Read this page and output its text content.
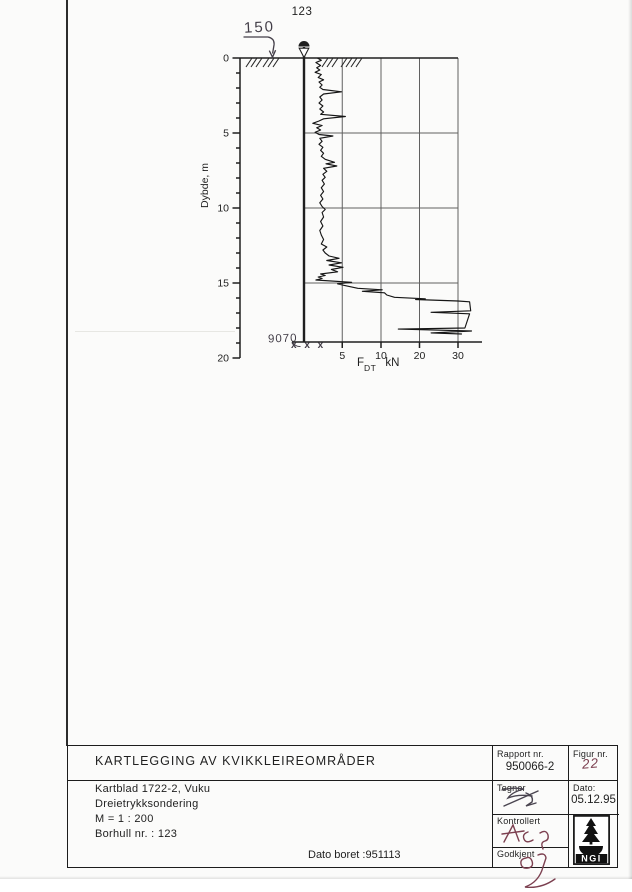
5	10	20	30
0
5
10
15
20
123
150
Dybde, m
9070
x x x
$F_{DT}$ kN
KARTLEGGING AV KVIKKLEIREOMRÅDER
Kartblad 1722-2, Vuku
Dreietrykksondering
M = 1 : 200
Borhull nr. : 123
Dato boret :951113
Rapport nr.
950066-2
Figur nr.
22
Tegner	Dato:
05.12.95
Kontrollert
Godkjent	NGI
